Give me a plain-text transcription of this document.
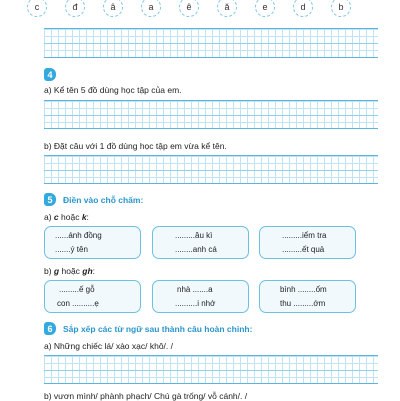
c	đ	â	a	ê	ă	e	d	b
4
a) Kể tên 5 đồ dùng học tập của em.
b) Đặt câu với 1 đồ dùng học tập em vừa kể tên.
5	Điền vào chỗ chấm:
a) c hoặc k:
......ánh đồng
.......ý tên
.........âu kì
........anh cá
.........iểm tra
.........ết quả
b) g hoặc gh:
.........ế gỗ
con ..........ẹ
nhà .......a
..........i nhớ
bình ........ốm
thu .........ớm
6	Sắp xếp các từ ngữ sau thành câu hoàn chỉnh:
a) Những chiếc lá/ xào xạc/ khô/. /
b) vươn mình/ phành phạch/ Chú gà trống/ vỗ cánh/. /
